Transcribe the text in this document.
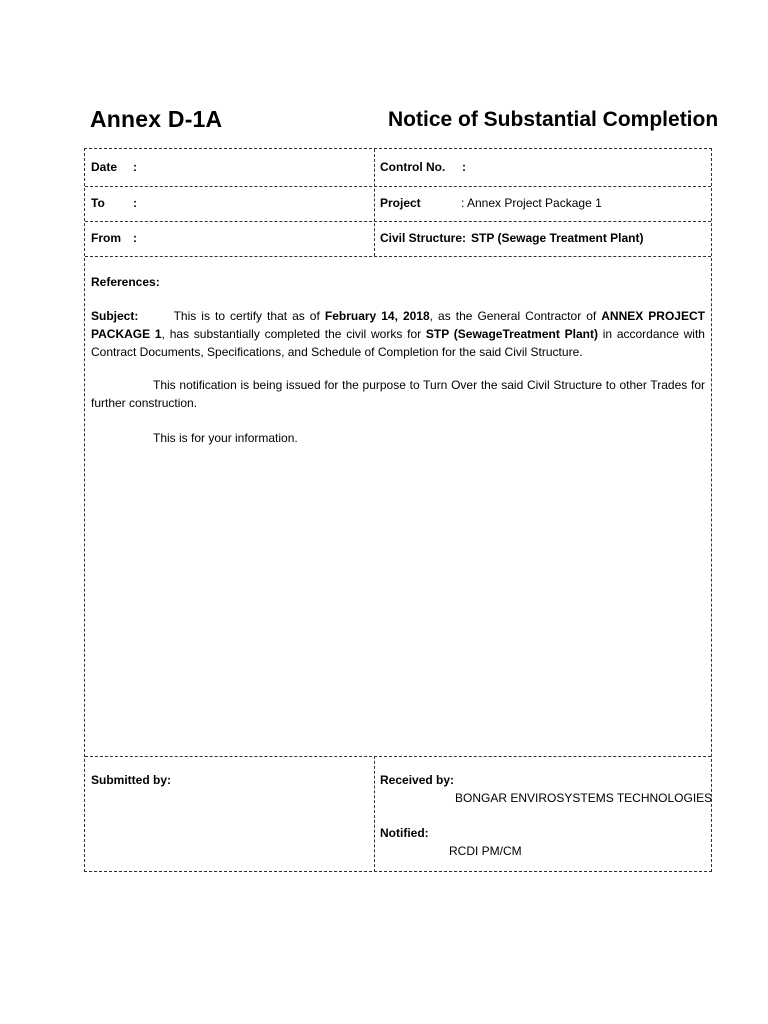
Annex D-1A	Notice of Substantial Completion
Date :	Control No. :
To :	Project	: Annex Project Package 1
From :	Civil Structure: STP (Sewage Treatment Plant)
References:
Subject:	This is to certify that as of February 14, 2018, as the General Contractor of ANNEX PROJECT PACKAGE 1, has substantially completed the civil works for STP (SewageTreatment Plant) in accordance with Contract Documents, Specifications, and Schedule of Completion for the said Civil Structure.
This notification is being issued for the purpose to Turn Over the said Civil Structure to other Trades for further construction.
This is for your information.
Submitted by:	Received by:
BONGAR ENVIROSYSTEMS TECHNOLOGIES
Notified:
RCDI PM/CM
